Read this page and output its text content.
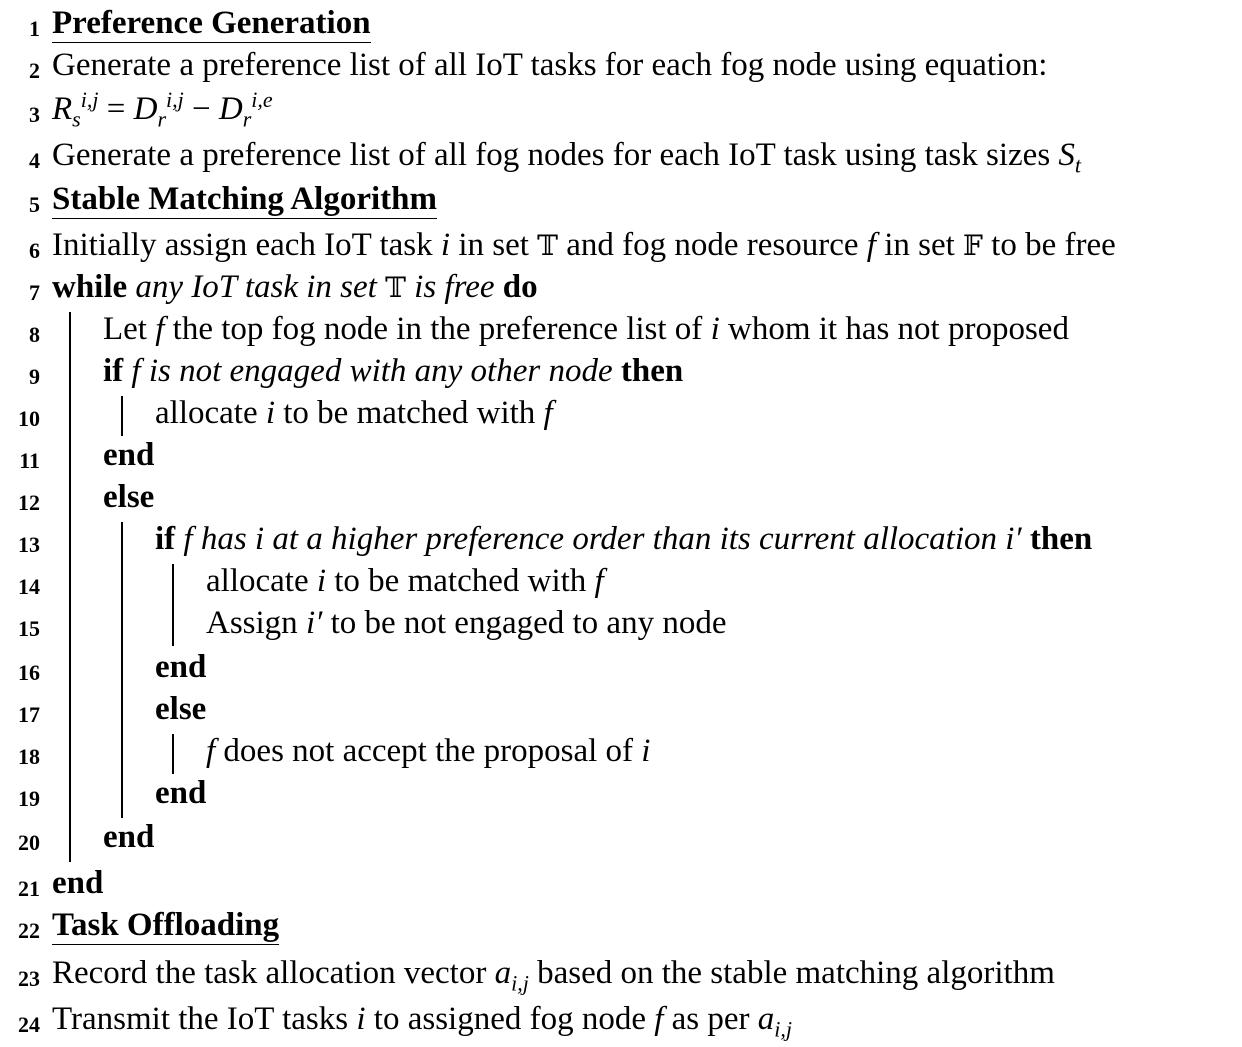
1 Preference Generation
2 Generate a preference list of all IoT tasks for each fog node using equation:
3 $R_s^{i,j} = D_r^{i,j} - D_r^{i,e}$
4 Generate a preference list of all fog nodes for each IoT task using task sizes $S_t$
5 Stable Matching Algorithm
6 Initially assign each IoT task i in set 𝕋 and fog node resource f in set 𝔽 to be free
7 while any IoT task in set 𝕋 is free do
8 Let f the top fog node in the preference list of i whom it has not proposed
9 if f is not engaged with any other node then
10	allocate i to be matched with f
11 end
12 else
13	if f has i at a higher preference order than its current allocation i′ then
14	allocate i to be matched with f
15	Assign i′ to be not engaged to any node
16	end
17	else
18	f does not accept the proposal of i
19	end
20 end
21 end
22 Task Offloading
23 Record the task allocation vector $a_{i,j}$ based on the stable matching algorithm
24 Transmit the IoT tasks i to assigned fog node f as per $a_{i,j}$
